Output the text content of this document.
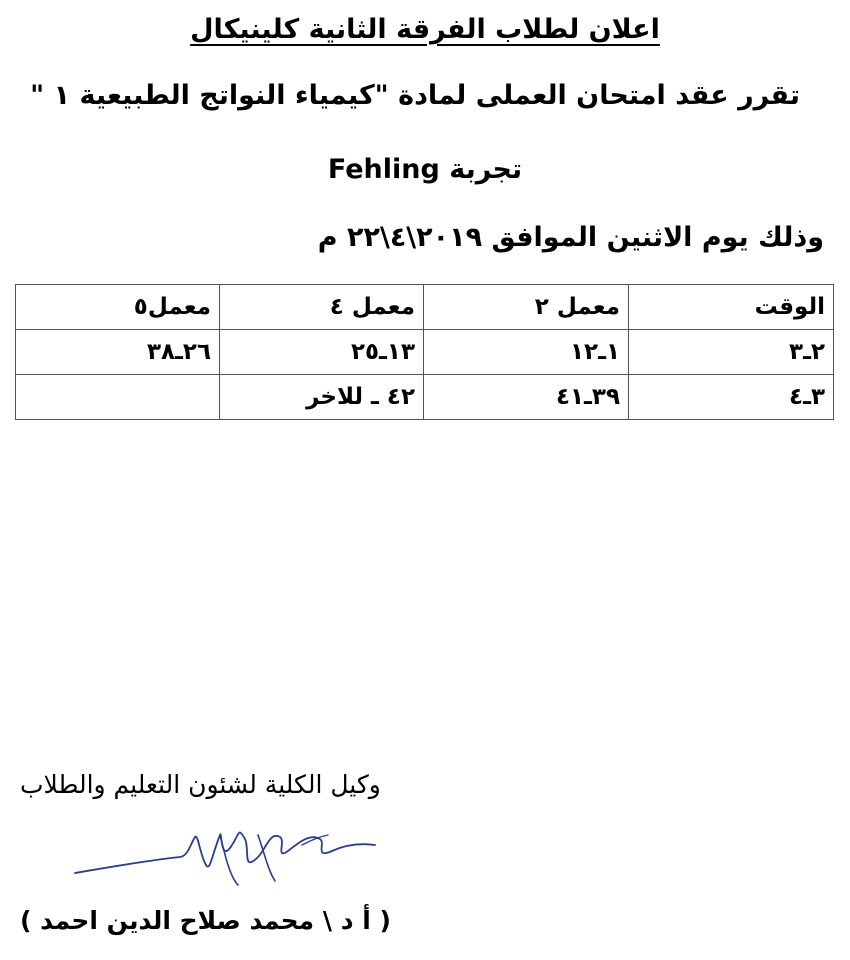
اعلان لطلاب الفرقة الثانية كلينيكال
تقرر عقد امتحان العملى لمادة "كيمياء النواتج الطبيعية ١ "
تجربة Fehling
وذلك يوم الاثنين الموافق ٢٠١٩\٤\٢٢ م
الوقت	معمل ٢	معمل ٤	معمل٥
٢ـ٣	١ـ١٢	١٣ـ٢٥	٢٦ـ٣٨
٣ـ٤	٣٩ـ٤١	٤٢ ـ للاخر	
وكيل الكلية لشئون التعليم والطلاب
( أ د \ محمد صلاح الدين احمد )
